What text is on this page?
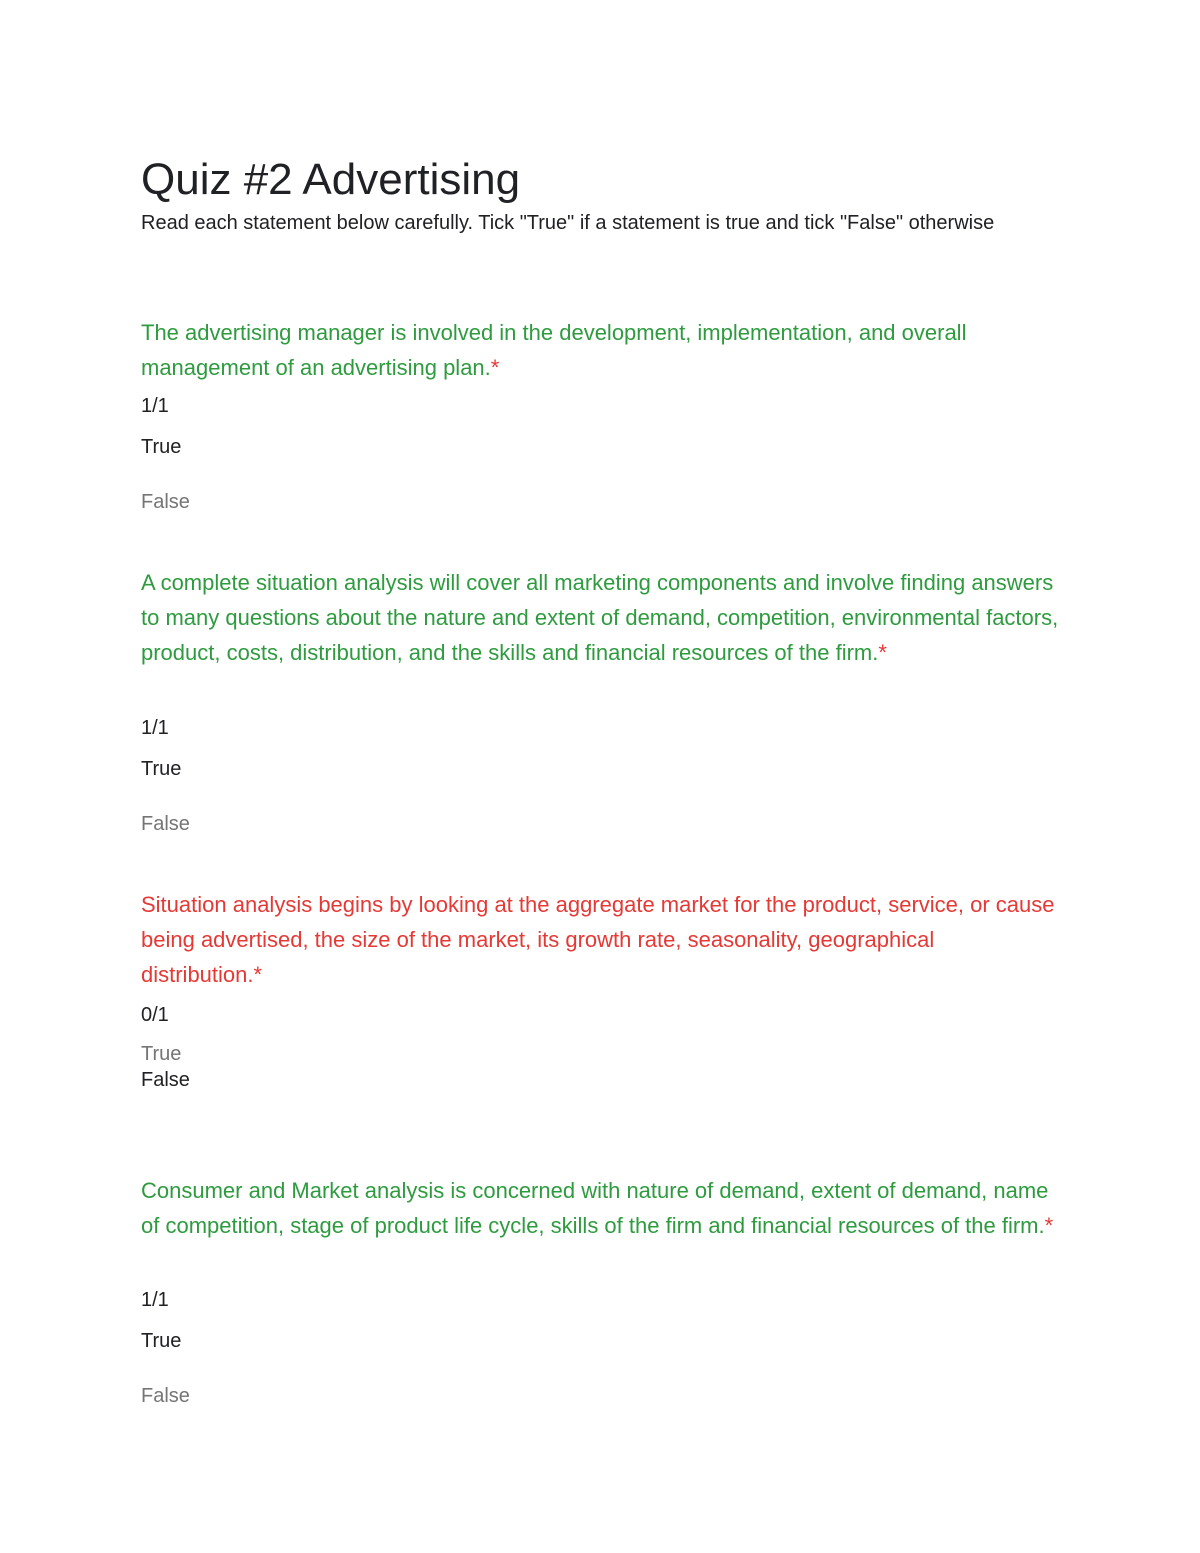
Quiz #2 Advertising

Read each statement below carefully. Tick "True" if a statement is true and tick "False" otherwise

The advertising manager is involved in the development, implementation, and overall management of an advertising plan.*

1/1
True
False

A complete situation analysis will cover all marketing components and involve finding answers to many questions about the nature and extent of demand, competition, environmental factors, product, costs, distribution, and the skills and financial resources of the firm.*

1/1
True
False

Situation analysis begins by looking at the aggregate market for the product, service, or cause being advertised, the size of the market, its growth rate, seasonality, geographical distribution.*

0/1
True
False

Consumer and Market analysis is concerned with nature of demand, extent of demand, name of competition, stage of product life cycle, skills of the firm and financial resources of the firm.*

1/1
True
False
